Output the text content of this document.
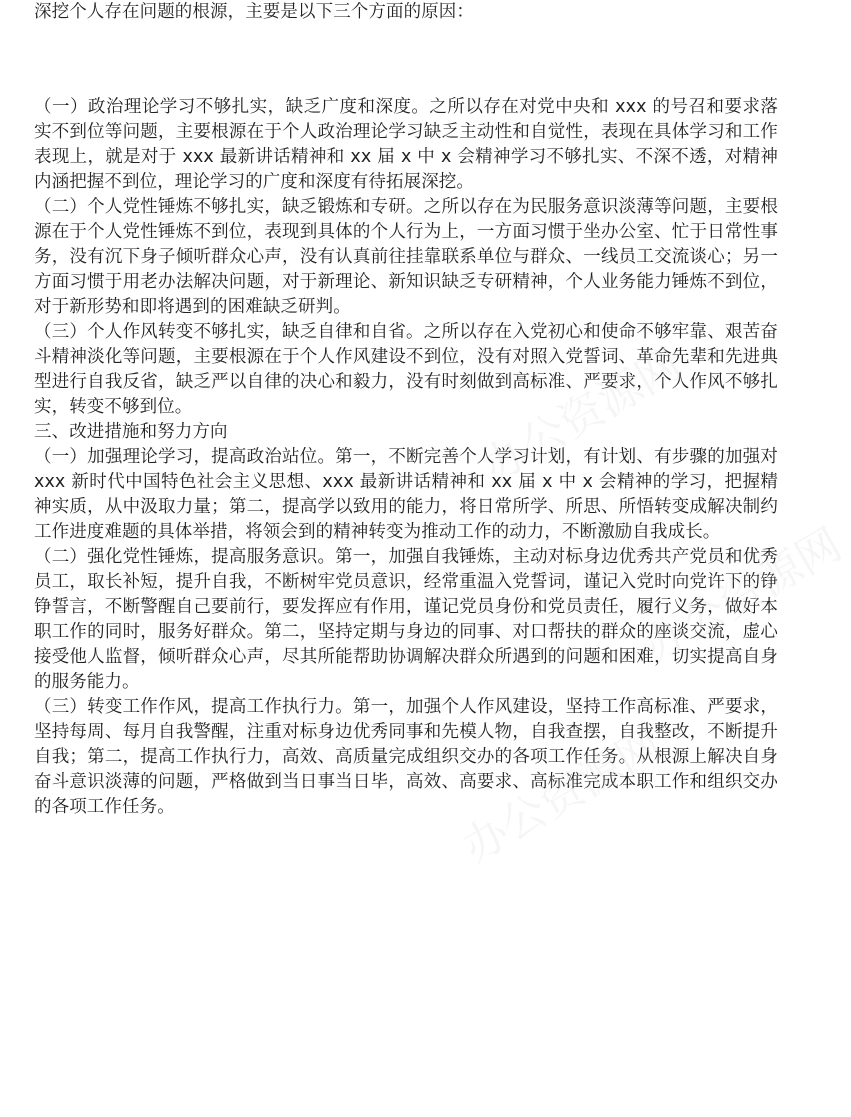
深挖个人存在问题的根源，主要是以下三个方面的原因：

（一）政治理论学习不够扎实，缺乏广度和深度。之所以存在对党中央和 xxx 的号召和要求落实不到位等问题，主要根源在于个人政治理论学习缺乏主动性和自觉性，表现在具体学习和工作表现上，就是对于 xxx 最新讲话精神和 xx 届 x 中 x 会精神学习不够扎实、不深不透，对精神内涵把握不到位，理论学习的广度和深度有待拓展深挖。

（二）个人党性锤炼不够扎实，缺乏锻炼和专研。之所以存在为民服务意识淡薄等问题，主要根源在于个人党性锤炼不到位，表现到具体的个人行为上，一方面习惯于坐办公室、忙于日常性事务，没有沉下身子倾听群众心声，没有认真前往挂靠联系单位与群众、一线员工交流谈心；另一方面习惯于用老办法解决问题，对于新理论、新知识缺乏专研精神，个人业务能力锤炼不到位，对于新形势和即将遇到的困难缺乏研判。

（三）个人作风转变不够扎实，缺乏自律和自省。之所以存在入党初心和使命不够牢靠、艰苦奋斗精神淡化等问题，主要根源在于个人作风建设不到位，没有对照入党誓词、革命先辈和先进典型进行自我反省，缺乏严以自律的决心和毅力，没有时刻做到高标准、严要求，个人作风不够扎实，转变不够到位。

三、改进措施和努力方向

（一）加强理论学习，提高政治站位。第一，不断完善个人学习计划，有计划、有步骤的加强对 xxx 新时代中国特色社会主义思想、xxx 最新讲话精神和 xx 届 x 中 x 会精神的学习，把握精神实质，从中汲取力量；第二，提高学以致用的能力，将日常所学、所思、所悟转变成解决制约工作进度难题的具体举措，将领会到的精神转变为推动工作的动力，不断激励自我成长。

（二）强化党性锤炼，提高服务意识。第一，加强自我锤炼，主动对标身边优秀共产党员和优秀员工，取长补短，提升自我，不断树牢党员意识，经常重温入党誓词，谨记入党时向党许下的铮铮誓言，不断警醒自己要前行，要发挥应有作用，谨记党员身份和党员责任，履行义务，做好本职工作的同时，服务好群众。第二，坚持定期与身边的同事、对口帮扶的群众的座谈交流，虚心接受他人监督，倾听群众心声，尽其所能帮助协调解决群众所遇到的问题和困难，切实提高自身的服务能力。

（三）转变工作作风，提高工作执行力。第一，加强个人作风建设，坚持工作高标准、严要求，坚持每周、每月自我警醒，注重对标身边优秀同事和先模人物，自我查摆，自我整改，不断提升自我；第二，提高工作执行力，高效、高质量完成组织交办的各项工作任务。从根源上解决自身奋斗意识淡薄的问题，严格做到当日事当日毕，高效、高要求、高标准完成本职工作和组织交办的各项工作任务。

办公资源网
办公资源网
办公资源网
